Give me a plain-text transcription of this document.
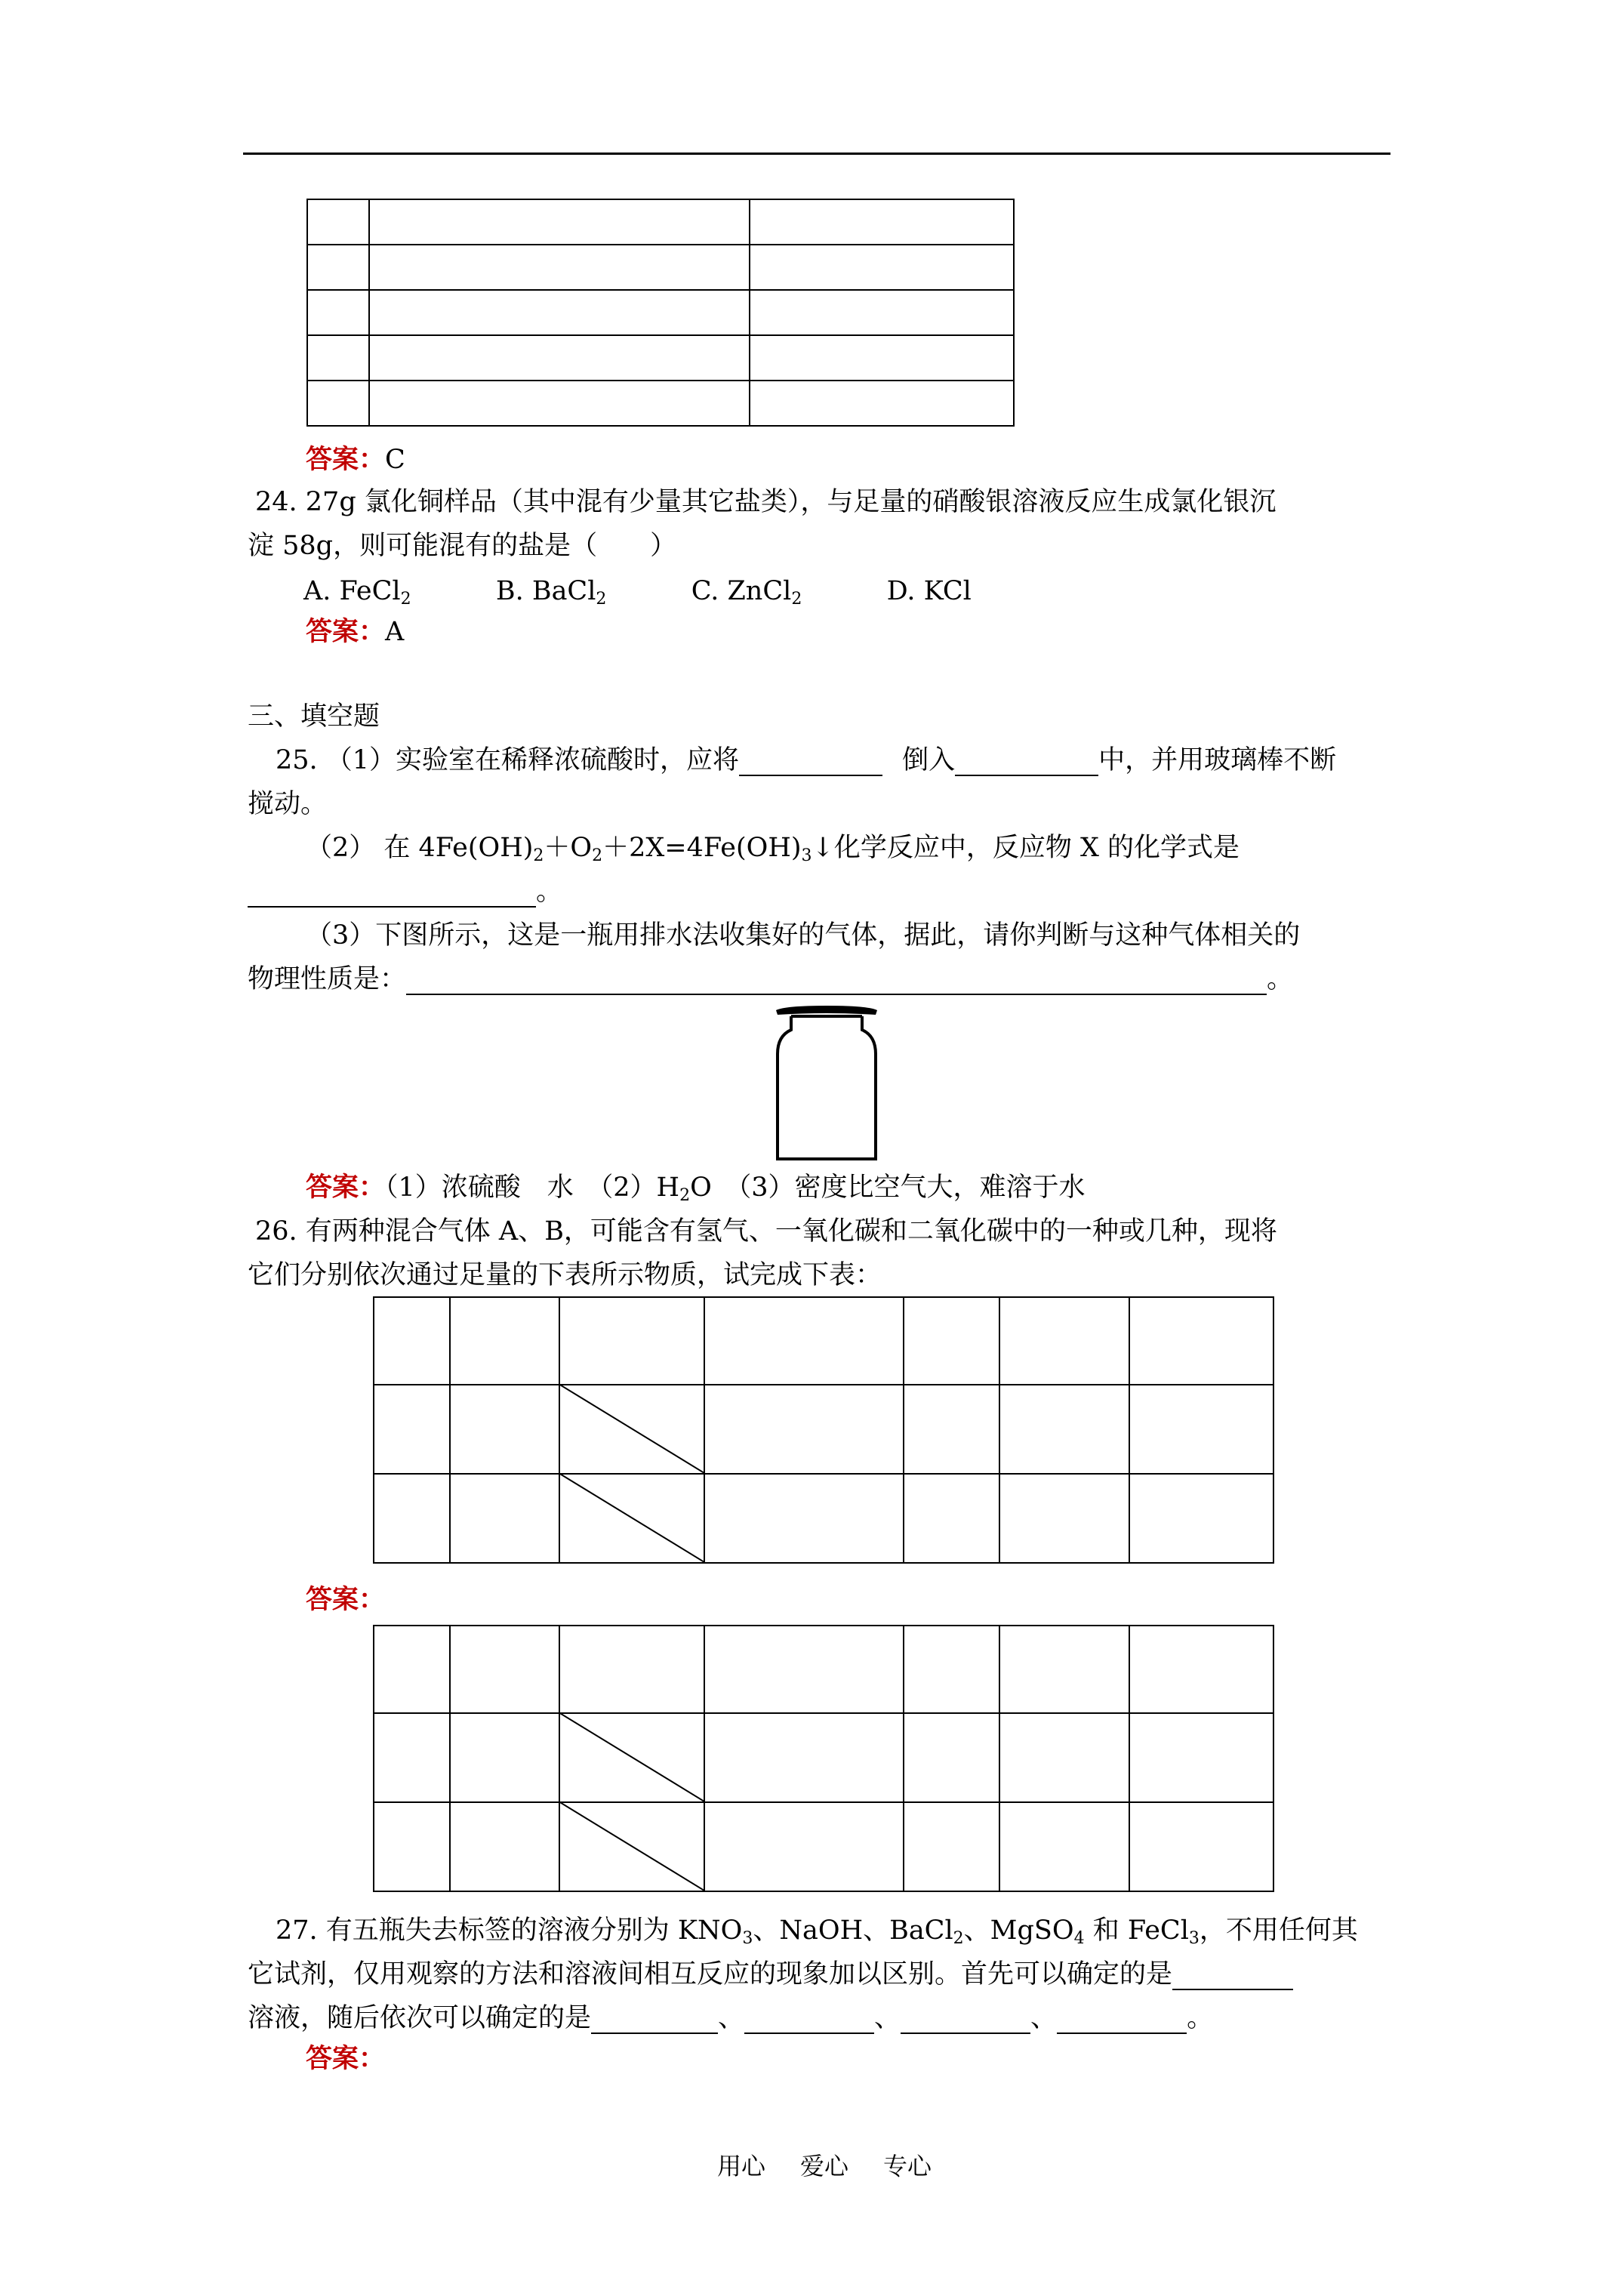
答案：C
24. 27g 氯化铜样品（其中混有少量其它盐类），与足量的硝酸银溶液反应生成氯化银沉
淀 58g，则可能混有的盐是（　　）
A. FeCl$_2$	B. BaCl$_2$	C. ZnCl$_2$	D. KCl
答案：A
三、填空题
25. （1）实验室在稀释浓硫酸时，应将	倒入	中，并用玻璃棒不断
搅动。
（2） 在 $4Fe(OH)_2+O_2+2X=4Fe(OH)_3↓$化学反应中，反应物 X 的化学式是
。
（3）下图所示，这是一瓶用排水法收集好的气体，据此，请你判断与这种气体相关的
物理性质是：	。
答案：（1）浓硫酸　水　$(2)H_2O$　（3）密度比空气大，难溶于水
26. 有两种混合气体 A、B，可能含有氢气、一氧化碳和二氧化碳中的一种或几种，现将
它们分别依次通过足量的下表所示物质，试完成下表：

答案：

27. 有五瓶失去标签的溶液分别为 $KNO_3$、NaOH、BaCl$_2$、MgSO$_4$ 和 FeCl$_3$，不用任何其
它试剂，仅用观察的方法和溶液间相互反应的现象加以区别。首先可以确定的是
溶液，随后依次可以确定的是	、	、	、	。
答案：
用心 爱心 专心
